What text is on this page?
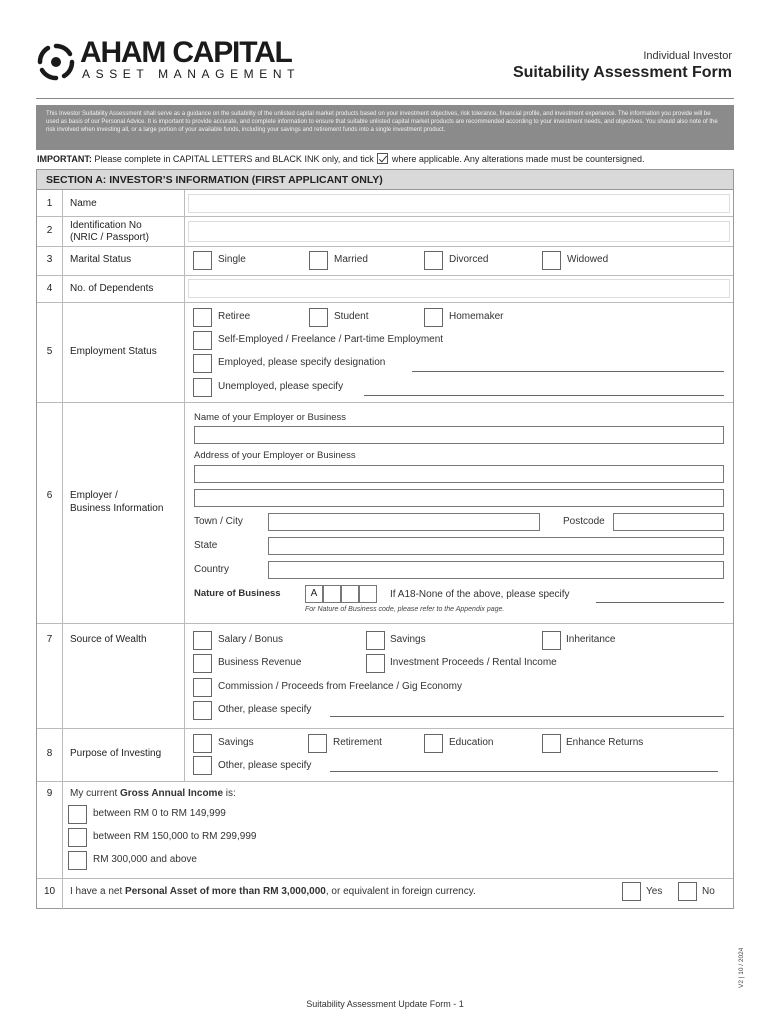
AHAM CAPITAL
ASSET MANAGEMENT
Individual Investor
Suitability Assessment Form
This Investor Suitability Assessment shall serve as a guidance on the suitability of the unlisted capital market products based on your investment objectives, risk tolerance, financial profile, and investment experience. The information you provide will be used as basis of our Personal Advice. It is important to provide accurate, and complete information to ensure that suitable unlisted capital market products are recommended according to your investment needs, and objectives. You should also note of the risk involved when investing all, or a large portion of your available funds, including your savings and retirement funds into a single investment product.
IMPORTANT: Please complete in CAPITAL LETTERS and BLACK INK only, and tick where applicable. Any alterations made must be countersigned.
SECTION A: INVESTOR’S INFORMATION (FIRST APPLICANT ONLY)
1	Name
2	Identification No
(NRIC / Passport)
3	Marital Status	Single	Married	Divorced	Widowed
4	No. of Dependents
5	Employment Status
Retiree	Student	Homemaker
Self-Employed / Freelance / Part-time Employment
Employed, please specify designation
Unemployed, please specify
6	Employer /
Business Information
Name of your Employer or Business
Address of your Employer or Business
Town / City	Postcode
State
Country
Nature of Business	A	If A18-None of the above, please specify
For Nature of Business code, please refer to the Appendix page.
7	Source of Wealth	Salary / Bonus	Savings	Inheritance
Business Revenue	Investment Proceeds / Rental Income
Commission / Proceeds from Freelance / Gig Economy
Other, please specify
8	Purpose of Investing
Savings	Retirement	Education	Enhance Returns
Other, please specify
9	My current Gross Annual Income is:
between RM 0 to RM 149,999
between RM 150,000 to RM 299,999
RM 300,000 and above
10	I have a net Personal Asset of more than RM 3,000,000, or equivalent in foreign currency.	Yes	No
V2 | 10 / 2024
Suitability Assessment Update Form - 1
